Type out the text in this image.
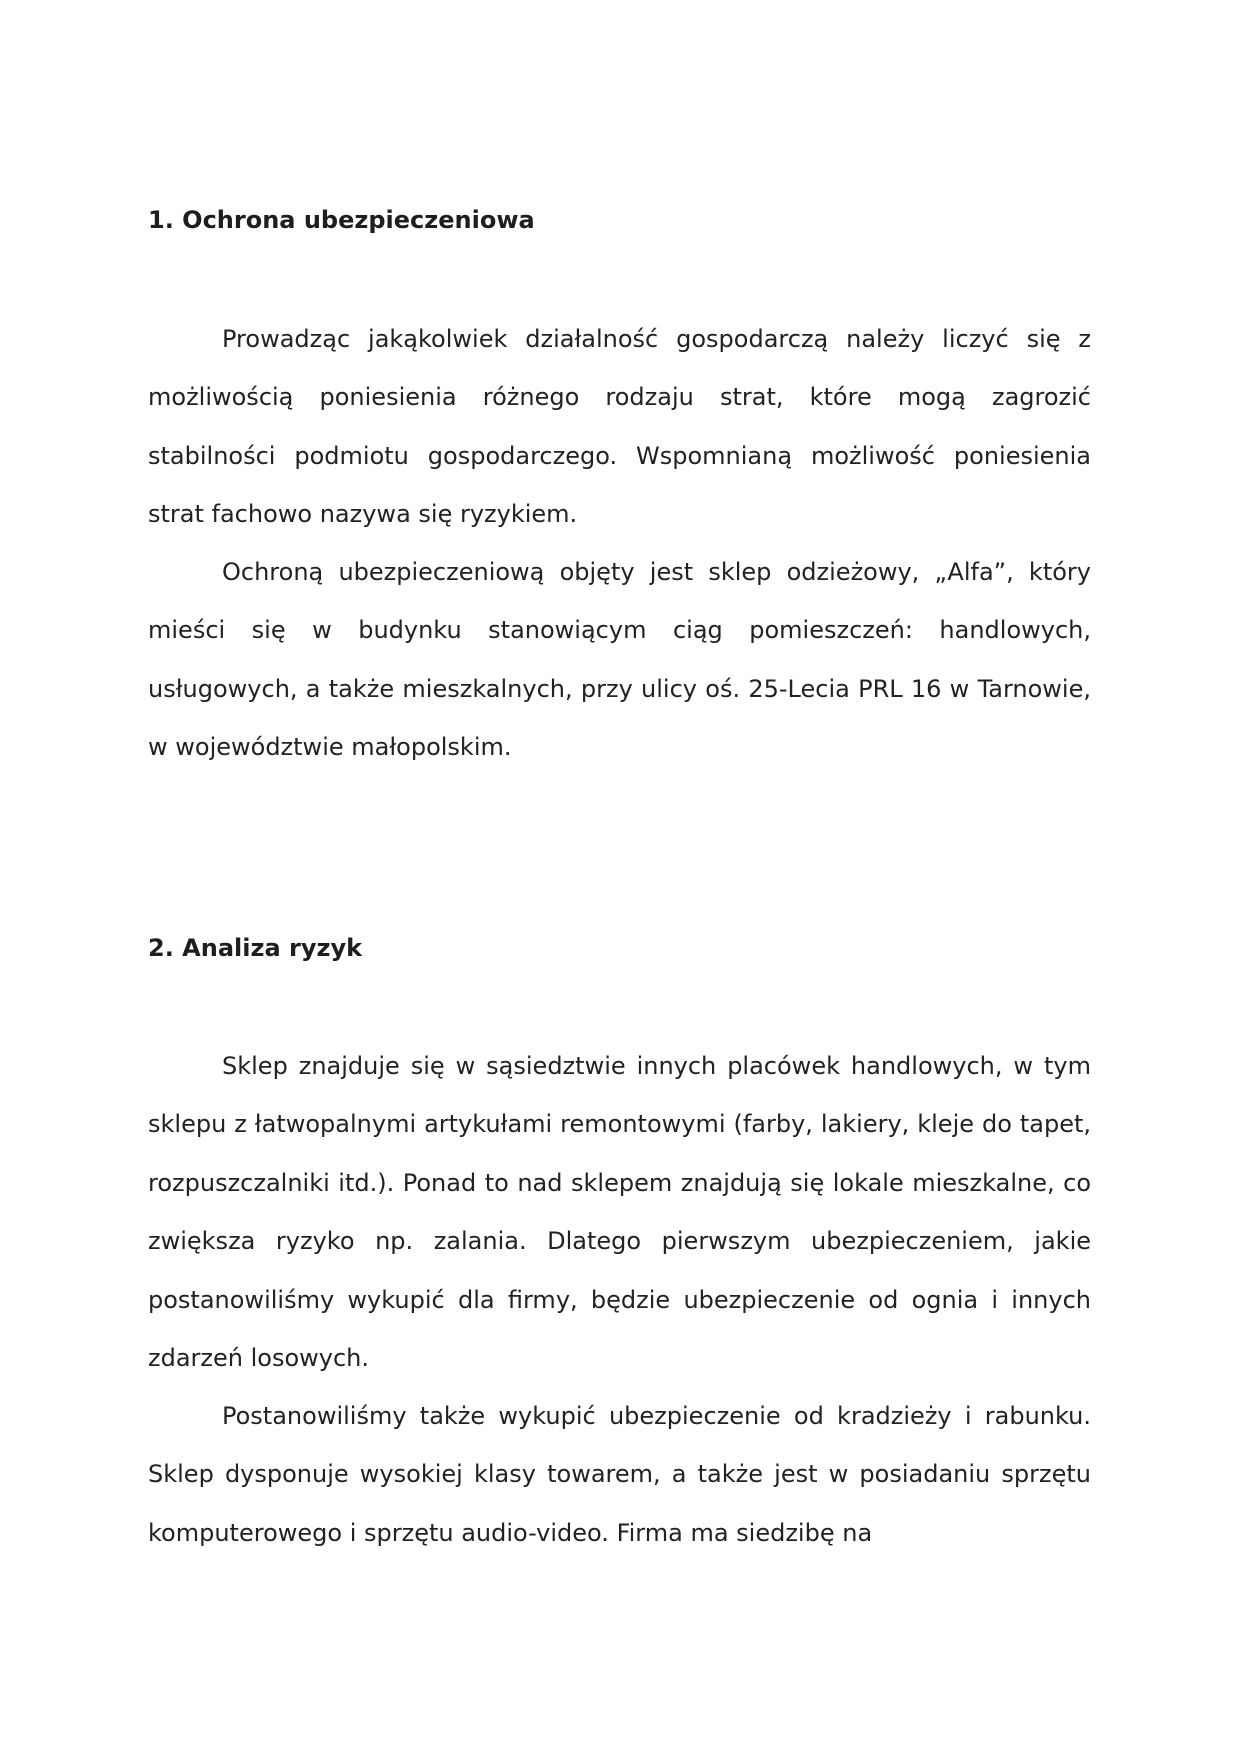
1. Ochrona ubezpieczeniowa

Prowadząc jakąkolwiek działalność gospodarczą należy liczyć się z możliwością poniesienia różnego rodzaju strat, które mogą zagrozić stabilności podmiotu gospodarczego. Wspomnianą możliwość poniesienia strat fachowo nazywa się ryzykiem.

Ochroną ubezpieczeniową objęty jest sklep odzieżowy, „Alfa”, który mieści się w budynku stanowiącym ciąg pomieszczeń: handlowych, usługowych, a także mieszkalnych, przy ulicy oś. 25-Lecia PRL 16 w Tarnowie, w województwie małopolskim.

2. Analiza ryzyk

Sklep znajduje się w sąsiedztwie innych placówek handlowych, w tym sklepu z łatwopalnymi artykułami remontowymi (farby, lakiery, kleje do tapet, rozpuszczalniki itd.). Ponad to nad sklepem znajdują się lokale mieszkalne, co zwiększa ryzyko np. zalania. Dlatego pierwszym ubezpieczeniem, jakie postanowiliśmy wykupić dla firmy, będzie ubezpieczenie od ognia i innych zdarzeń losowych.

Postanowiliśmy także wykupić ubezpieczenie od kradzieży i rabunku. Sklep dysponuje wysokiej klasy towarem, a także jest w posiadaniu sprzętu komputerowego i sprzętu audio-video. Firma ma siedzibę na
